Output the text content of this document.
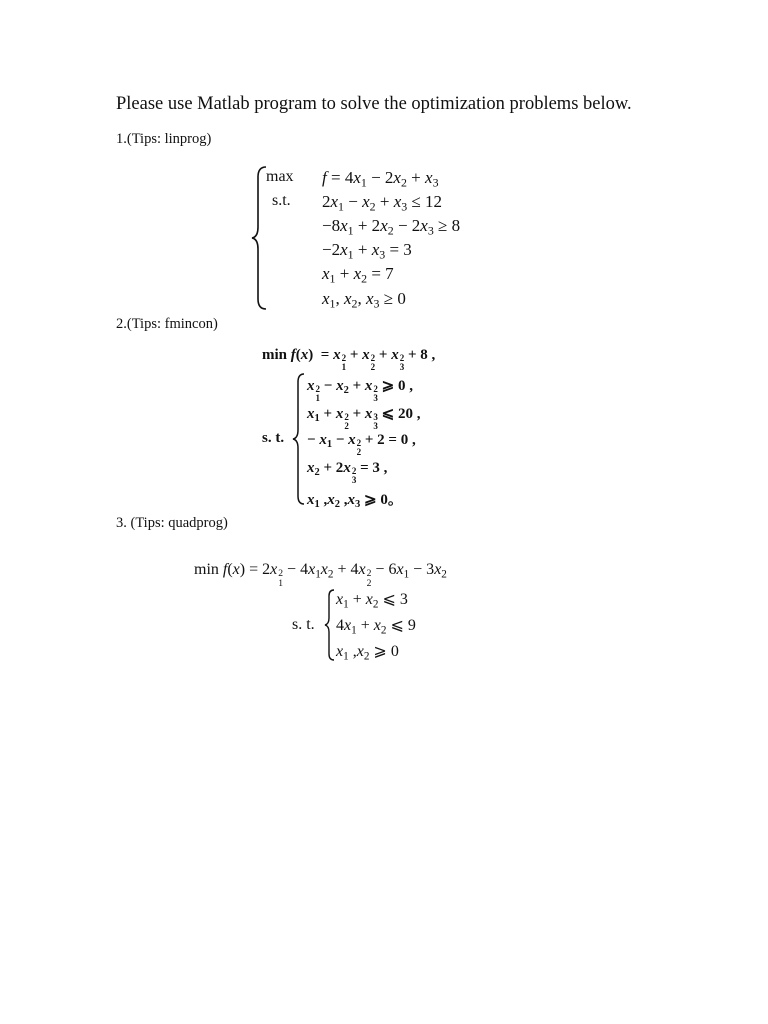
Please use Matlab program to solve the optimization problems below.
1.(Tips: linprog)
max
s.t.
$f = 4x_1 - 2x_2 + x_3$
$2x_1 - x_2 + x_3 \le 12$
$-8x_1 + 2x_2 - 2x_3 \ge 8$
$-2x_1 + x_3 = 3$
$x_1 + x_2 = 7$
$x_1$, $x_2$, $x_3 \ge 0$
2.(Tips: fmincon)
min f(x)  = x 2
1
+ x 2
2
+ x 2
3
+ 8 ,
s. t.
x 2
1
− $x_2 + x$ 2
3
⩾ 0 ,
$x_1 + x$ 2
2
+ x 3
3
⩽ 20 ,
− $x_1 - x$ 2
2
+ 2 = 0 ,
$x_2 + 2x$ 2
3
= 3 ,
$x_1$ $,x_2$ $,x_3$ ⩾ 0。
3. (Tips: quadprog)
min f(x) = 2x 2
1
− $4x_1x_2 + 4x$ 2
2
− $6x_1 - 3x_2$
s. t.
$x_1 + x_2$ ⩽ 3
$4x_1 + x_2$ ⩽ 9
$x_1$ $,x_2$ ⩾ 0
